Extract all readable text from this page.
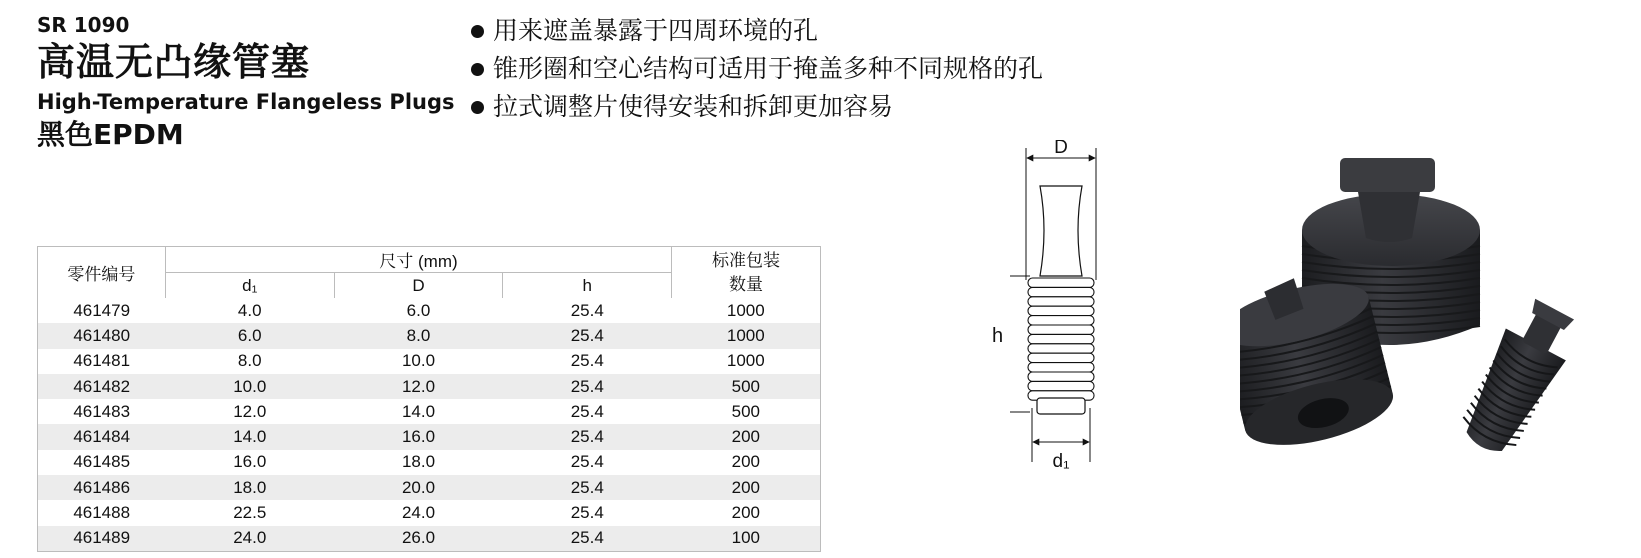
SR 1090
高温无凸缘管塞
High-Temperature Flangeless Plugs
黑色EPDM
用来遮盖暴露于四周环境的孔
锥形圈和空心结构可适用于掩盖多种不同规格的孔
拉式调整片使得安装和拆卸更加容易
零件编号	尺寸 (mm)			标准包装数量
	d₁	D	h	
461479	4.0	6.0	25.4	1000
461480	6.0	8.0	25.4	1000
461481	8.0	10.0	25.4	1000
461482	10.0	12.0	25.4	500
461483	12.0	14.0	25.4	500
461484	14.0	16.0	25.4	200
461485	16.0	18.0	25.4	200
461486	18.0	20.0	25.4	200
461488	22.5	24.0	25.4	200
461489	24.0	26.0	25.4	100
D
d₁
h
